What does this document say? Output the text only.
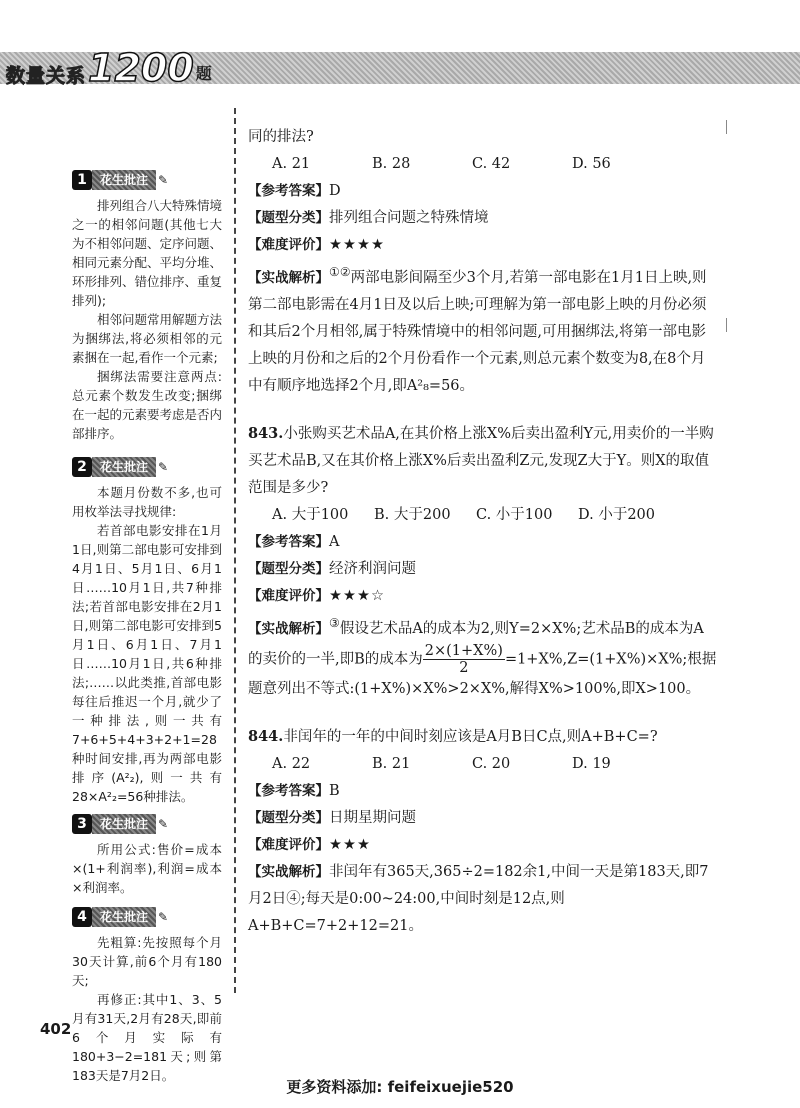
数量关系 1200 题
1	花生批注 ✎

排列组合八大特殊情境之一的相邻问题(其他七大为不相邻问题、定序问题、相同元素分配、平均分堆、环形排列、错位排序、重复排列);

相邻问题常用解题方法为捆绑法,将必须相邻的元素捆在一起,看作一个元素;

捆绑法需要注意两点:总元素个数发生改变;捆绑在一起的元素要考虑是否内部排序。

2	花生批注 ✎

本题月份数不多,也可用枚举法寻找规律:

若首部电影安排在1月1日,则第二部电影可安排到4月1日、5月1日、6月1日……10月1日,共7种排法;若首部电影安排在2月1日,则第二部电影可安排到5月1日、6月1日、7月1日……10月1日,共6种排法;……以此类推,首部电影每往后推迟一个月,就少了一种排法,则一共有7+6+5+4+3+2+1=28种时间安排,再为两部电影排序(A²₂),则一共有28×A²₂=56种排法。

3	花生批注 ✎

所用公式:售价=成本×(1+利润率),利润=成本×利润率。

4	花生批注 ✎

先粗算:先按照每个月30天计算,前6个月有180天;

再修正:其中1、3、5月有31天,2月有28天,即前6个月实际有180+3−2=181天;则第183天是7月2日。

同的排法?

A. 21	B. 28	C. 42	D. 56

【参考答案】D

【题型分类】排列组合问题之特殊情境

【难度评价】★★★★

【实战解析】①②两部电影间隔至少3个月,若第一部电影在1月1日上映,则第二部电影需在4月1日及以后上映;可理解为第一部电影上映的月份必须和其后2个月相邻,属于特殊情境中的相邻问题,可用捆绑法,将第一部电影上映的月份和之后的2个月份看作一个元素,则总元素个数变为8,在8个月中有顺序地选择2个月,即A²₈=56。

843.小张购买艺术品A,在其价格上涨X%后卖出盈利Y元,用卖价的一半购买艺术品B,又在其价格上涨X%后卖出盈利Z元,发现Z大于Y。则X的取值范围是多少?

A. 大于100	B. 大于200	C. 小于100	D. 小于200

【参考答案】A

【题型分类】经济利润问题

【难度评价】★★★☆

【实战解析】③假设艺术品A的成本为2,则Y=2×X%;艺术品B的成本为A的卖价的一半,即B的成本为 $\frac{2\times(1+X\%)}{2} =1+X\%,Z=(1+X\%)\times X\%$;根据题意列出不等式:(1+X%)×X%>2×X%,解得X%>100%,即X>100。

844.非闰年的一年的中间时刻应该是A月B日C点,则A+B+C=?

A. 22	B. 21	C. 20	D. 19

【参考答案】B

【题型分类】日期星期问题

【难度评价】★★★

【实战解析】非闰年有365天,365÷2=182余1,中间一天是第183天,即7月2日④;每天是0:00~24:00,中间时刻是12点,则A+B+C=7+2+12=21。

402
更多资料添加: feifeixuejie520
